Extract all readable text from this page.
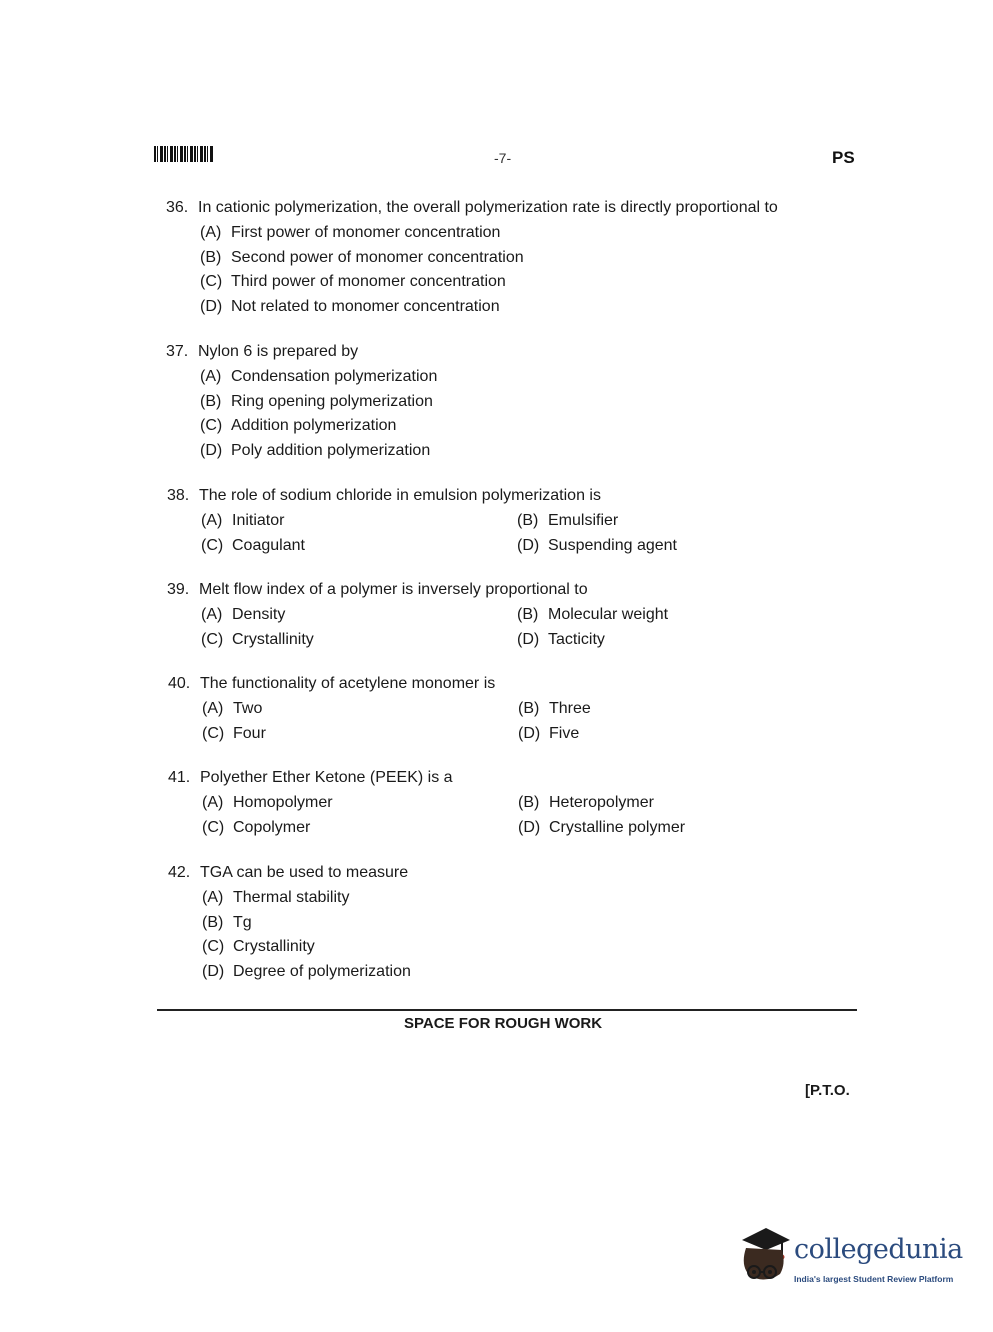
-7-	PS
36. In cationic polymerization, the overall polymerization rate is directly proportional to
(A) First power of monomer concentration
(B) Second power of monomer concentration
(C) Third power of monomer concentration
(D) Not related to monomer concentration
37. Nylon 6 is prepared by
(A) Condensation polymerization
(B) Ring opening polymerization
(C) Addition polymerization
(D) Poly addition polymerization
38. The role of sodium chloride in emulsion polymerization is
(A) Initiator	(B) Emulsifier
(C) Coagulant	(D) Suspending agent
39. Melt flow index of a polymer is inversely proportional to
(A) Density	(B) Molecular weight
(C) Crystallinity	(D) Tacticity
40. The functionality of acetylene monomer is
(A) Two	(B) Three
(C) Four	(D) Five
41. Polyether Ether Ketone (PEEK) is a
(A) Homopolymer	(B) Heteropolymer
(C) Copolymer	(D) Crystalline polymer
42. TGA can be used to measure
(A) Thermal stability
(B) Tg
(C) Crystallinity
(D) Degree of polymerization
SPACE FOR ROUGH WORK
[P.T.O.
collegedunia
India's largest Student Review Platform
